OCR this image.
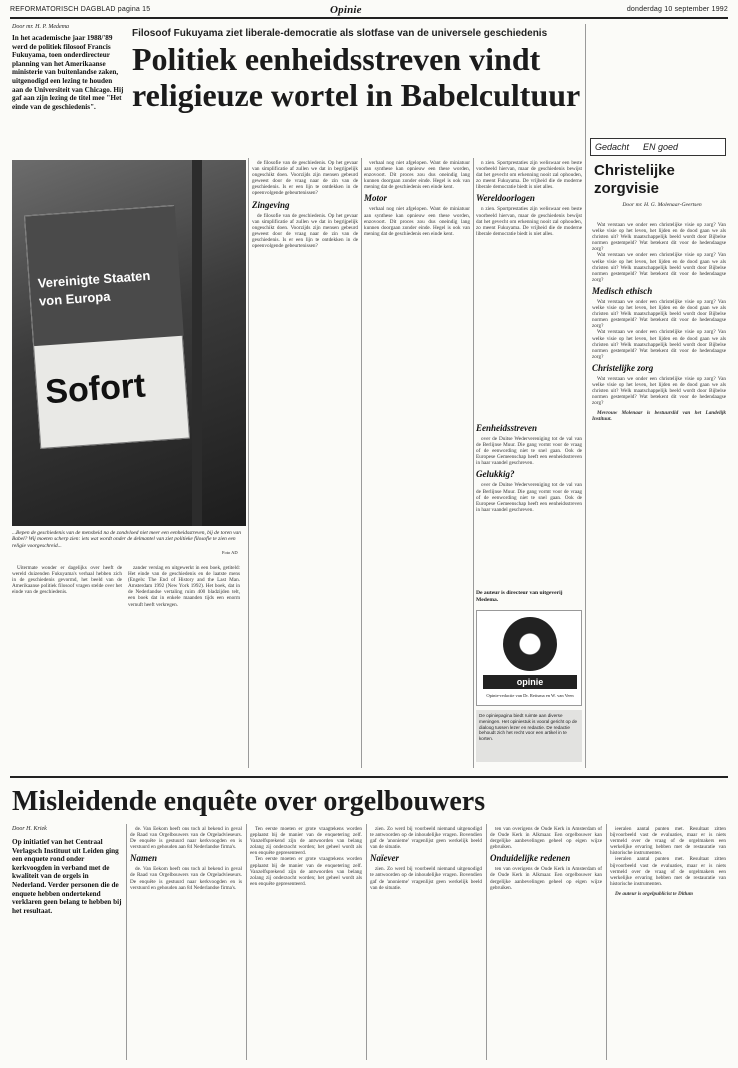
REFORMATORISCH DAGBLAD pagina 15	Opinie	donderdag 10 september 1992
Door mr. H. P. Medema
In het academische jaar 1988/'89 werd de politiek filosoof Francis Fukuyama, toen onderdirecteur planning van het Amerikaanse ministerie van buitenlandse zaken, uitgenodigd een lezing te houden aan de Universiteit van Chicago. Hij gaf aan zijn lezing de titel mee "Het einde van de geschiedenis".
Filosoof Fukuyama ziet liberale-democratie als slotfase van de universele geschiedenis
Politiek eenheidsstreven vindt
religieuze wortel in Babelcultuur
Vereinigte Staaten
von Europa
Sofort
...Bepen de geschiedenis van de mensheid na de zondvloed niet meer een eenheidsstreven, bij de toren van Babel? Wij moeten scherp zien: iets wat wordt onder de delmantel van ziet politieke filosofie te zien een religie voorgeschreid...
Foto AD

Uitermate wonder er dagelijks over heeft de wereld duizenden Fukuyama's verhaal hebben zich in de geschiedenis gevormd, het beeld van de Amerikaanse politiek filosoof vragen stelde over het einde van de geschiedenis.

zander verslag en uitgewerkt in een boek, getiteld: Het einde van de geschiedenis en de laatste mens (Engels: The End of History and the Last Man. Amsterdam 1992 (New York 1992). Het boek, dat in de Nederlandse vertaling ruim 400 bladzijden telt, een boek dat in enkele maanden tijds een enorm vernuft heeft verkregen.

de filosofie van de geschiedenis. Op het gevaar van simplificatie af zullen we dat in begrijpelijk ongeschikt doen. Voorzijds zijn mensen gebeurd geweest door de vraag naar de zin van de geschiedenis. Is er een lijn te ontdekken in de opeenvolgende gebeurtenissen?

Zingeving

de filosofie van de geschiedenis. Op het gevaar van simplificatie af zullen we dat in begrijpelijk ongeschikt doen. Voorzijds zijn mensen gebeurd geweest door de vraag naar de zin van de geschiedenis. Is er een lijn te ontdekken in de opeenvolgende gebeurtenissen?

verhaal nog niet afgelopen. Want de miniatuur aan synthese kan opnieuw een these worden, enzovoort. Dit proces zou dus oneindig lang kunnen doorgaan zonder einde. Hegel is ook van mening dat de geschiedenis een einde kent.

Motor

verhaal nog niet afgelopen. Want de miniatuur aan synthese kan opnieuw een these worden, enzovoort. Dit proces zou dus oneindig lang kunnen doorgaan zonder einde. Hegel is ook van mening dat de geschiedenis een einde kent.

n zien. Sportprestaties zijn weliswaar een beste voorbeeld hiervan, maar de geschiedenis bewijst dat het gevecht om erkenning nooit zal ophouden, zo meent Fukuyama. De vrijheid die de moderne liberale democratie biedt is niet alles.

Wereldoorlogen

n zien. Sportprestaties zijn weliswaar een beste voorbeeld hiervan, maar de geschiedenis bewijst dat het gevecht om erkenning nooit zal ophouden, zo meent Fukuyama. De vrijheid die de moderne liberale democratie biedt is niet alles.

Gedacht EN goed
Christelijke
zorgvisie
Door mr. H. G. Molenaar-Geertsen

Wat verstaan we onder een christelijke visie op zorg? Van welke visie op het leven, het lijden en de dood gaan we als christen uit? Welk maatschappelijk beeld wordt door Bijbelse normen gestempeld? Wat betekent dit voor de hedendaagse zorg?

Wat verstaan we onder een christelijke visie op zorg? Van welke visie op het leven, het lijden en de dood gaan we als christen uit? Welk maatschappelijk beeld wordt door Bijbelse normen gestempeld? Wat betekent dit voor de hedendaagse zorg?

Medisch ethisch

Wat verstaan we onder een christelijke visie op zorg? Van welke visie op het leven, het lijden en de dood gaan we als christen uit? Welk maatschappelijk beeld wordt door Bijbelse normen gestempeld? Wat betekent dit voor de hedendaagse zorg?

Wat verstaan we onder een christelijke visie op zorg? Van welke visie op het leven, het lijden en de dood gaan we als christen uit? Welk maatschappelijk beeld wordt door Bijbelse normen gestempeld? Wat betekent dit voor de hedendaagse zorg?

Christelijke zorg

Wat verstaan we onder een christelijke visie op zorg? Van welke visie op het leven, het lijden en de dood gaan we als christen uit? Welk maatschappelijk beeld wordt door Bijbelse normen gestempeld? Wat betekent dit voor de hedendaagse zorg?

Mevrouw Molenaar is bestuurslid van het Landelijk Instituut.

De auteur is directeur van uitgeverij Medema.
opinie
Opinie-redactie van Dr. Reitsma en W. van Veen
De opiniepagina biedt ruimte aan diverse meningen. Het opiniestuk is vooral gericht op de dialoog tussen lezer en redactie. De redactie behoudt zich het recht voor een artikel in te korten.
Eenheidsstreven

over de Duitse Wedervereniging tot de val van de Berlijnse Muur. Die gang vormt voor de vraag of de eenwording niet te snel gaan. Ook de Europese Gemeenschap heeft een eenheidsstreven in haar vaandel geschreven.

Gelukkig?

over de Duitse Wedervereniging tot de val van de Berlijnse Muur. Die gang vormt voor de vraag of de eenwording niet te snel gaan. Ook de Europese Gemeenschap heeft een eenheidsstreven in haar vaandel geschreven.

Misleidende enquête over orgelbouwers
Door H. Kriek
Op initiatief van het Centraal Verlagsch Instituut uit Leiden ging een enquete rond onder kerkvoogden in verband met de kwaliteit van de orgels in Nederland. Verder personen die de enquete hebben ondertekend verklaren geen belang te hebben bij het resultaat.

de. Van Eekom heeft ons toch al bekend in geval de Raad van Orgelbouwers van de Orgeladvieseurs. De enquête is gestuurd naar kerkvoogden en is verstuurd en gehouden aan 84 Nederlandse firma's.

Namen

de. Van Eekom heeft ons toch al bekend in geval de Raad van Orgelbouwers van de Orgeladvieseurs. De enquête is gestuurd naar kerkvoogden en is verstuurd en gehouden aan 84 Nederlandse firma's.

Ten eerste moeten er grote vraagtekens worden geplaatst bij de manier van de enquetering zelf. Vanzelfsprekend zijn de antwoorden van belang zolang zij onderzocht worden; het geheel wordt als een enquête gepresenteerd.

Ten eerste moeten er grote vraagtekens worden geplaatst bij de manier van de enquetering zelf. Vanzelfsprekend zijn de antwoorden van belang zolang zij onderzocht worden; het geheel wordt als een enquête gepresenteerd.

zien. Zo werd bij voorbeeld niemand uitgenodigd te antwoorden op de inhoudelijke vragen. Bovendien gaf de 'anonieme' vragenlijst geen werkelijk beeld van de situatie.

Naïever

zien. Zo werd bij voorbeeld niemand uitgenodigd te antwoorden op de inhoudelijke vragen. Bovendien gaf de 'anonieme' vragenlijst geen werkelijk beeld van de situatie.

ten van overigens de Oude Kerk in Amsterdam of de Oude Kerk in Alkmaar. Een orgelbouwer kan dergelijke aanbevelingen geheel op eigen wijze gebruiken.

Onduidelijke redenen

ten van overigens de Oude Kerk in Amsterdam of de Oude Kerk in Alkmaar. Een orgelbouwer kan dergelijke aanbevelingen geheel op eigen wijze gebruiken.

ieeralen aantal punten met. Resultaat zitten bijvoorbeeld vast de evaluaties, maar er is niets vermeld over de vraag of de orgelmakers een werkelijke ervaring hebben met de restauratie van historische instrumenten.

ieeralen aantal punten met. Resultaat zitten bijvoorbeeld vast de evaluaties, maar er is niets vermeld over de vraag of de orgelmakers een werkelijke ervaring hebben met de restauratie van historische instrumenten.

De auteur is orgelpublicist te Ditlum
